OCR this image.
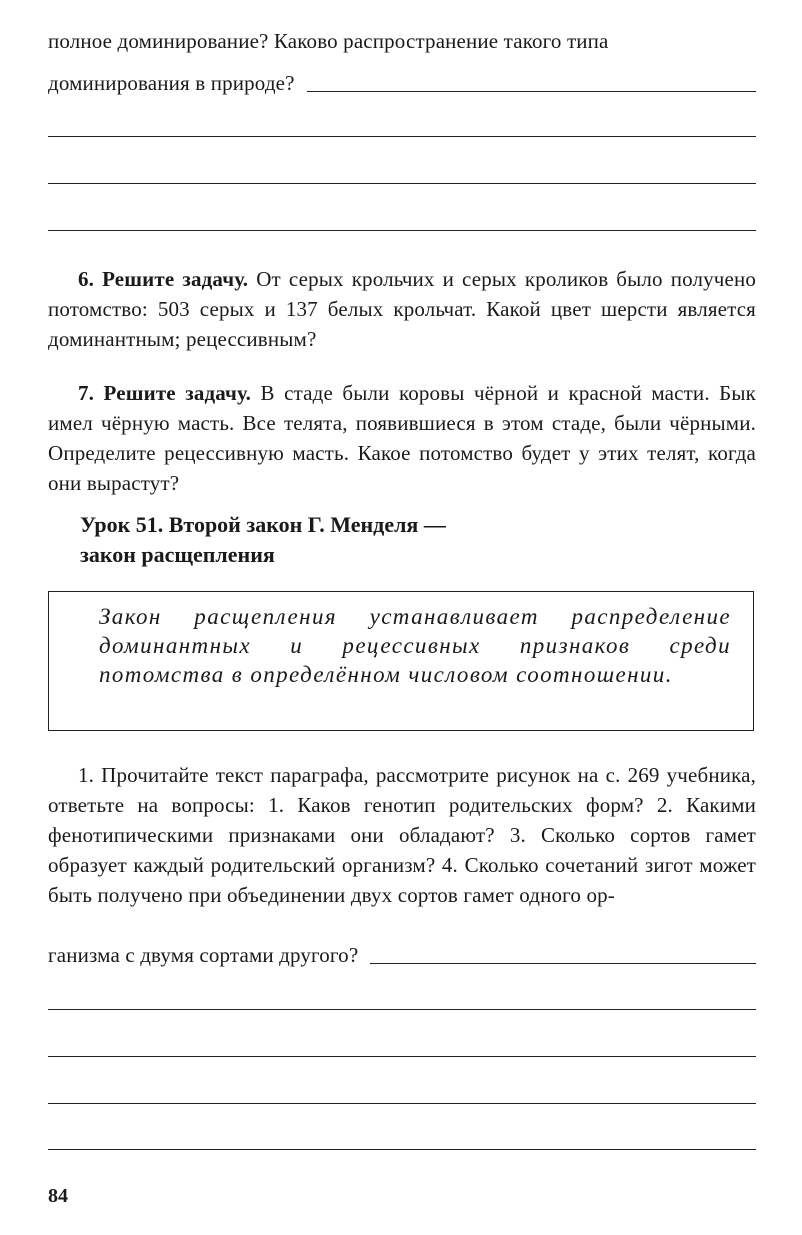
полное доминирование? Каково распространение такого типа
доминирования в природе?
6. Решите задачу. От серых крольчих и серых кроликов было получено потомство: 503 серых и 137 белых крольчат. Какой цвет шерсти является доминантным; рецессивным?
7. Решите задачу. В стаде были коровы чёрной и красной масти. Бык имел чёрную масть. Все телята, появившиеся в этом стаде, были чёрными. Определите рецессивную масть. Какое потомство будет у этих телят, когда они вырастут?
Урок 51. Второй закон Г. Менделя —
закон расщепления
Закон расщепления устанавливает распределение доминантных и рецессивных признаков среди потомства в определённом числовом соотношении.
1. Прочитайте текст параграфа, рассмотрите рисунок на с. 269 учебника, ответьте на вопросы: 1. Каков генотип родительских форм? 2. Какими фенотипическими признаками они обладают? 3. Сколько сортов гамет образует каждый родительский организм? 4. Сколько сочетаний зигот может быть получено при объединении двух сортов гамет одного ор-
ганизма с двумя сортами другого?
84
